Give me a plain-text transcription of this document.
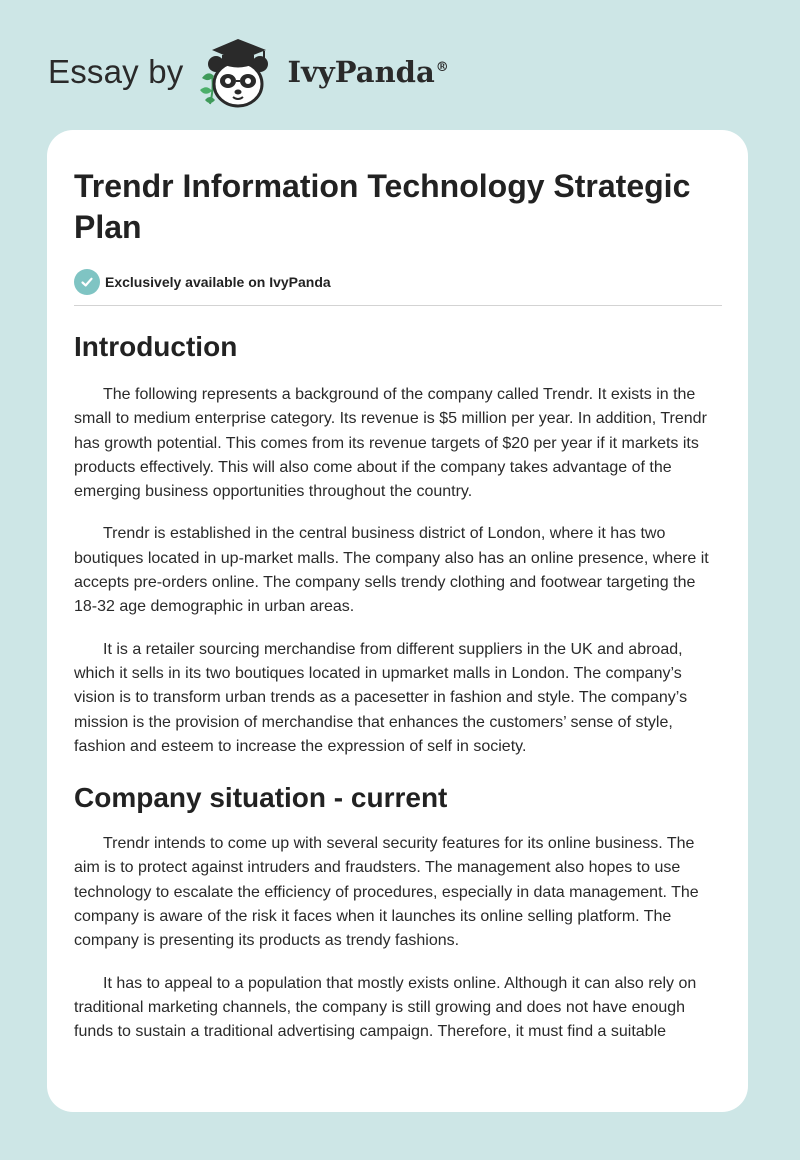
Essay by	IvyPanda®
Trendr Information Technology Strategic Plan
Exclusively available on IvyPanda
Introduction

The following represents a background of the company called Trendr. It exists in the small to medium enterprise category. Its revenue is $5 million per year. In addition, Trendr has growth potential. This comes from its revenue targets of $20 per year if it markets its products effectively. This will also come about if the company takes advantage of the emerging business opportunities throughout the country.

Trendr is established in the central business district of London, where it has two boutiques located in up-market malls. The company also has an online presence, where it accepts pre-orders online. The company sells trendy clothing and footwear targeting the 18-32 age demographic in urban areas.

It is a retailer sourcing merchandise from different suppliers in the UK and abroad, which it sells in its two boutiques located in upmarket malls in London. The company’s vision is to transform urban trends as a pacesetter in fashion and style. The company’s mission is the provision of merchandise that enhances the customers’ sense of style, fashion and esteem to increase the expression of self in society.

Company situation - current

Trendr intends to come up with several security features for its online business. The aim is to protect against intruders and fraudsters. The management also hopes to use technology to escalate the efficiency of procedures, especially in data management. The company is aware of the risk it faces when it launches its online selling platform. The company is presenting its products as trendy fashions.

It has to appeal to a population that mostly exists online. Although it can also rely on traditional marketing channels, the company is still growing and does not have enough funds to sustain a traditional advertising campaign. Therefore, it must find a suitable
